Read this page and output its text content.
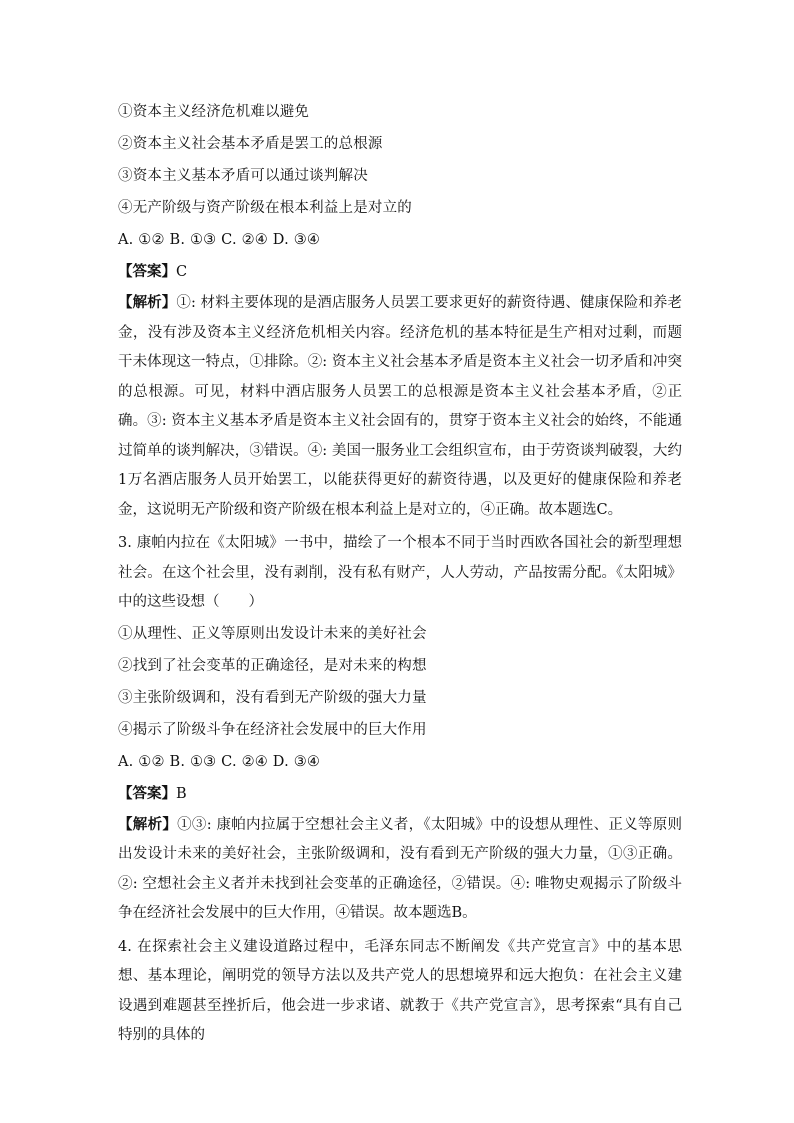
①资本主义经济危机难以避免
②资本主义社会基本矛盾是罢工的总根源
③资本主义基本矛盾可以通过谈判解决
④无产阶级与资产阶级在根本利益上是对立的
A. ①② B. ①③ C. ②④ D. ③④
【答案】C

【解析】①: 材料主要体现的是酒店服务人员罢工要求更好的薪资待遇、健康保险和养老金，没有涉及资本主义经济危机相关内容。经济危机的基本特征是生产相对过剩，而题干未体现这一特点，①排除。②: 资本主义社会基本矛盾是资本主义社会一切矛盾和冲突的总根源。可见，材料中酒店服务人员罢工的总根源是资本主义社会基本矛盾，②正确。③: 资本主义基本矛盾是资本主义社会固有的，贯穿于资本主义社会的始终，不能通过简单的谈判解决，③错误。④: 美国一服务业工会组织宣布，由于劳资谈判破裂，大约1万名酒店服务人员开始罢工，以能获得更好的薪资待遇，以及更好的健康保险和养老金，这说明无产阶级和资产阶级在根本利益上是对立的，④正确。故本题选C。

3. 康帕内拉在《太阳城》一书中，描绘了一个根本不同于当时西欧各国社会的新型理想社会。在这个社会里，没有剥削，没有私有财产，人人劳动，产品按需分配。《太阳城》中的这些设想（　　）

①从理性、正义等原则出发设计未来的美好社会
②找到了社会变革的正确途径，是对未来的构想
③主张阶级调和，没有看到无产阶级的强大力量
④揭示了阶级斗争在经济社会发展中的巨大作用
A. ①② B. ①③ C. ②④ D. ③④
【答案】B

【解析】①③: 康帕内拉属于空想社会主义者，《太阳城》中的设想从理性、正义等原则出发设计未来的美好社会，主张阶级调和，没有看到无产阶级的强大力量，①③正确。②: 空想社会主义者并未找到社会变革的正确途径，②错误。④: 唯物史观揭示了阶级斗争在经济社会发展中的巨大作用，④错误。故本题选B。

4. 在探索社会主义建设道路过程中，毛泽东同志不断阐发《共产党宣言》中的基本思想、基本理论，阐明党的领导方法以及共产党人的思想境界和远大抱负：在社会主义建设遇到难题甚至挫折后，他会进一步求诸、就教于《共产党宣言》，思考探索“具有自己特别的具体的
